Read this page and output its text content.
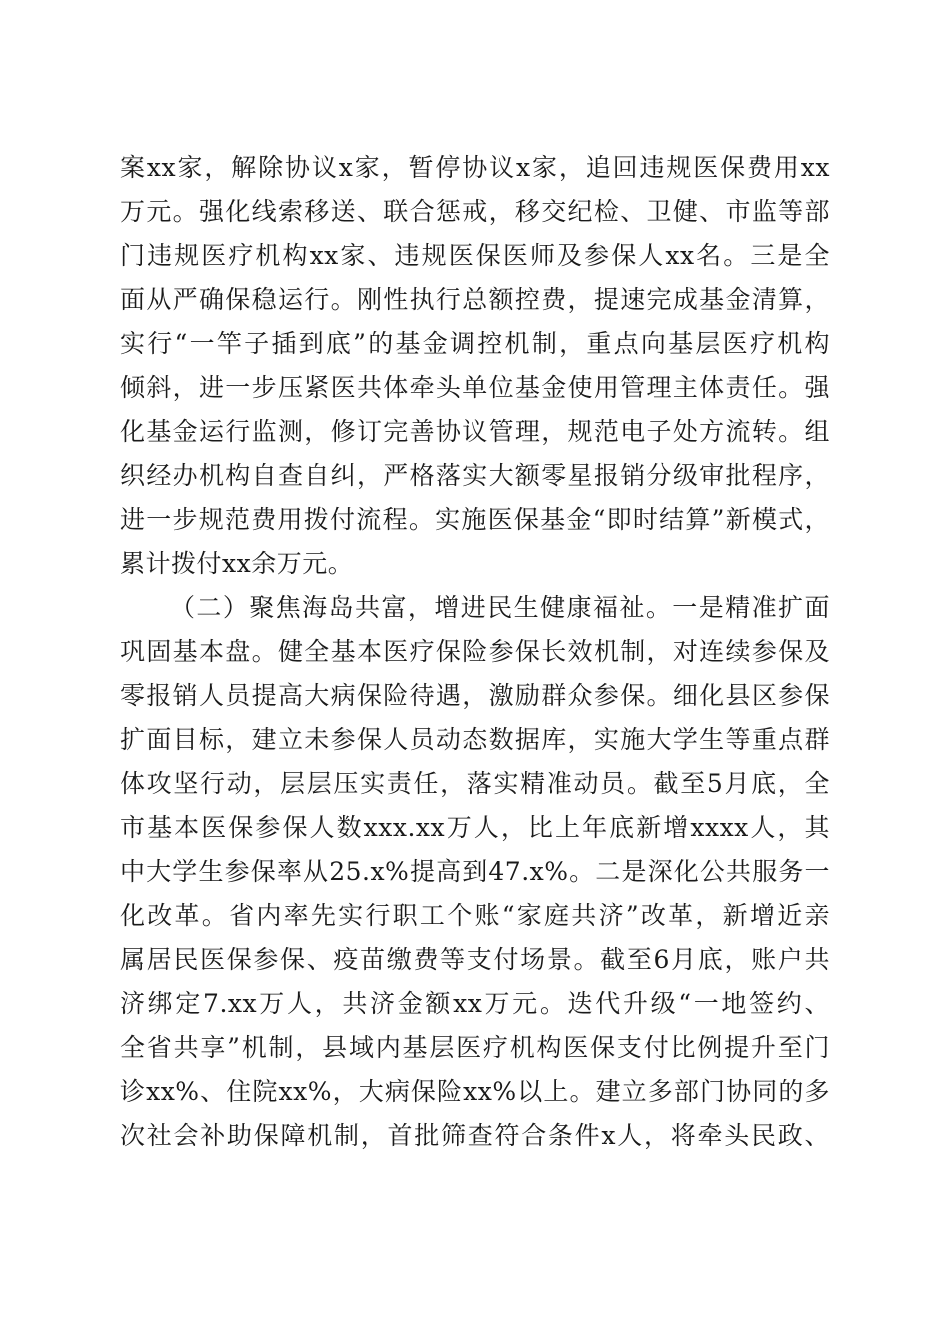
案xx家，解除协议x家，暂停协议x家，追回违规医保费用xx
万元。强化线索移送、联合惩戒，移交纪检、卫健、市监等部
门违规医疗机构xx家、违规医保医师及参保人xx名。三是全
面从严确保稳运行。刚性执行总额控费，提速完成基金清算，
实行“一竿子插到底”的基金调控机制，重点向基层医疗机构
倾斜，进一步压紧医共体牵头单位基金使用管理主体责任。强
化基金运行监测，修订完善协议管理，规范电子处方流转。组
织经办机构自查自纠，严格落实大额零星报销分级审批程序，
进一步规范费用拨付流程。实施医保基金“即时结算”新模式，
累计拨付xx余万元。
（二）聚焦海岛共富，增进民生健康福祉。一是精准扩面
巩固基本盘。健全基本医疗保险参保长效机制，对连续参保及
零报销人员提高大病保险待遇，激励群众参保。细化县区参保
扩面目标，建立未参保人员动态数据库，实施大学生等重点群
体攻坚行动，层层压实责任，落实精准动员。截至5月底，全
市基本医保参保人数xxx.xx万人，比上年底新增xxxx人，其
中大学生参保率从25.x%提高到47.x%。二是深化公共服务一
化改革。省内率先实行职工个账“家庭共济”改革，新增近亲
属居民医保参保、疫苗缴费等支付场景。截至6月底，账户共
济绑定7.xx万人，共济金额xx万元。迭代升级“一地签约、
全省共享”机制，县域内基层医疗机构医保支付比例提升至门
诊xx%、住院xx%，大病保险xx%以上。建立多部门协同的多
次社会补助保障机制，首批筛查符合条件x人，将牵头民政、
